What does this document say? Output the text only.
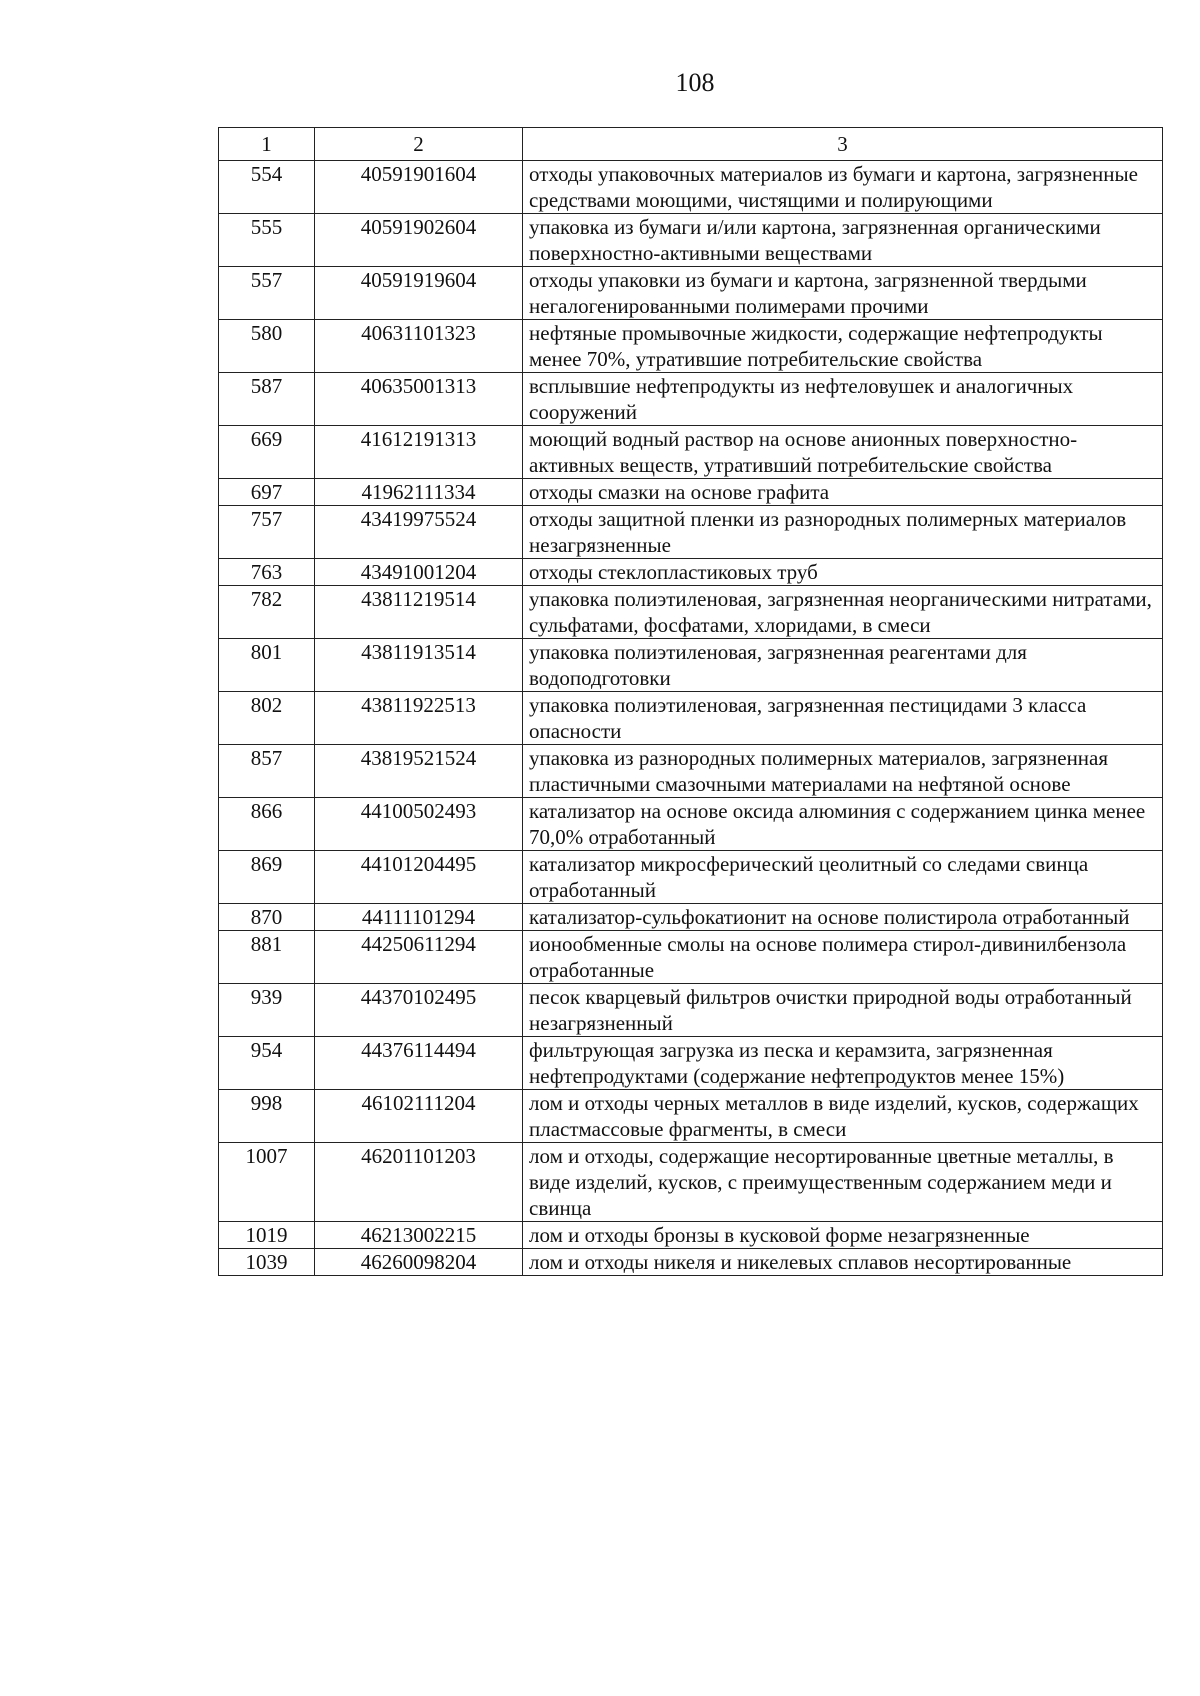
108
1	2	3
554	40591901604	отходы упаковочных материалов из бумаги и картона, загрязненные средствами моющими, чистящими и полирующими
555	40591902604	упаковка из бумаги и/или картона, загрязненная органическими поверхностно-активными веществами
557	40591919604	отходы упаковки из бумаги и картона, загрязненной твердыми негалогенированными полимерами прочими
580	40631101323	нефтяные промывочные жидкости, содержащие нефтепродукты менее 70%, утратившие потребительские свойства
587	40635001313	всплывшие нефтепродукты из нефтеловушек и аналогичных сооружений
669	41612191313	моющий водный раствор на основе анионных поверхностно-активных веществ, утративший потребительские свойства
697	41962111334	отходы смазки на основе графита
757	43419975524	отходы защитной пленки из разнородных полимерных материалов незагрязненные
763	43491001204	отходы стеклопластиковых труб
782	43811219514	упаковка полиэтиленовая, загрязненная неорганическими нитратами, сульфатами, фосфатами, хлоридами, в смеси
801	43811913514	упаковка полиэтиленовая, загрязненная реагентами для водоподготовки
802	43811922513	упаковка полиэтиленовая, загрязненная пестицидами 3 класса опасности
857	43819521524	упаковка из разнородных полимерных материалов, загрязненная пластичными смазочными материалами на нефтяной основе
866	44100502493	катализатор на основе оксида алюминия с содержанием цинка менее 70,0% отработанный
869	44101204495	катализатор микросферический цеолитный со следами свинца отработанный
870	44111101294	катализатор-сульфокатионит на основе полистирола отработанный
881	44250611294	ионообменные смолы на основе полимера стирол-дивинилбензола отработанные
939	44370102495	песок кварцевый фильтров очистки природной воды отработанный незагрязненный
954	44376114494	фильтрующая загрузка из песка и керамзита, загрязненная нефтепродуктами (содержание нефтепродуктов менее 15%)
998	46102111204	лом и отходы черных металлов в виде изделий, кусков, содержащих пластмассовые фрагменты, в смеси
1007	46201101203	лом и отходы, содержащие несортированные цветные металлы, в виде изделий, кусков, с преимущественным содержанием меди и свинца
1019	46213002215	лом и отходы бронзы в кусковой форме незагрязненные
1039	46260098204	лом и отходы никеля и никелевых сплавов несортированные
